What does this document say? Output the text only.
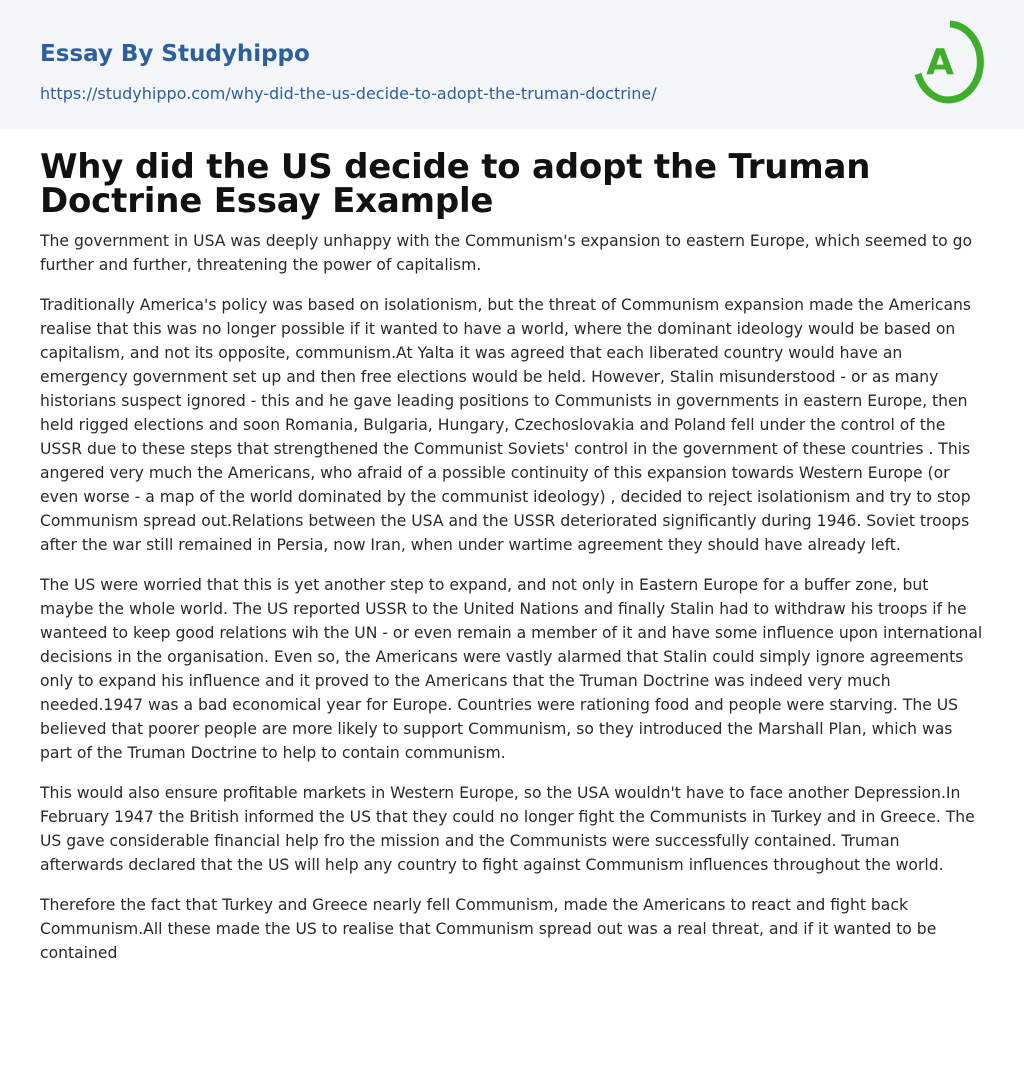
Essay By Studyhippo
https://studyhippo.com/why-did-the-us-decide-to-adopt-the-truman-doctrine/
A
Why did the US decide to adopt the Truman Doctrine Essay Example

The government in USA was deeply unhappy with the Communism's expansion to eastern Europe, which seemed to go further and further, threatening the power of capitalism.

Traditionally America's policy was based on isolationism, but the threat of Communism expansion made the Americans realise that this was no longer possible if it wanted to have a world, where the dominant ideology would be based on capitalism, and not its opposite, communism.At Yalta it was agreed that each liberated country would have an emergency government set up and then free elections would be held. However, Stalin misunderstood - or as many historians suspect ignored - this and he gave leading positions to Communists in governments in eastern Europe, then held rigged elections and soon Romania, Bulgaria, Hungary, Czechoslovakia and Poland fell under the control of the USSR due to these steps that strengthened the Communist Soviets' control in the government of these countries . This angered very much the Americans, who afraid of a possible continuity of this expansion towards Western Europe (or even worse - a map of the world dominated by the communist ideology) , decided to reject isolationism and try to stop Communism spread out.Relations between the USA and the USSR deteriorated significantly during 1946. Soviet troops after the war still remained in Persia, now Iran, when under wartime agreement they should have already left.

The US were worried that this is yet another step to expand, and not only in Eastern Europe for a buffer zone, but maybe the whole world. The US reported USSR to the United Nations and finally Stalin had to withdraw his troops if he wanteed to keep good relations wih the UN - or even remain a member of it and have some influence upon international decisions in the organisation. Even so, the Americans were vastly alarmed that Stalin could simply ignore agreements only to expand his influence and it proved to the Americans that the Truman Doctrine was indeed very much needed.1947 was a bad economical year for Europe. Countries were rationing food and people were starving. The US believed that poorer people are more likely to support Communism, so they introduced the Marshall Plan, which was part of the Truman Doctrine to help to contain communism.

This would also ensure profitable markets in Western Europe, so the USA wouldn't have to face another Depression.In February 1947 the British informed the US that they could no longer fight the Communists in Turkey and in Greece. The US gave considerable financial help fro the mission and the Communists were successfully contained. Truman afterwards declared that the US will help any country to fight against Communism influences throughout the world.

Therefore the fact that Turkey and Greece nearly fell Communism, made the Americans to react and fight back Communism.All these made the US to realise that Communism spread out was a real threat, and if it wanted to be contained
